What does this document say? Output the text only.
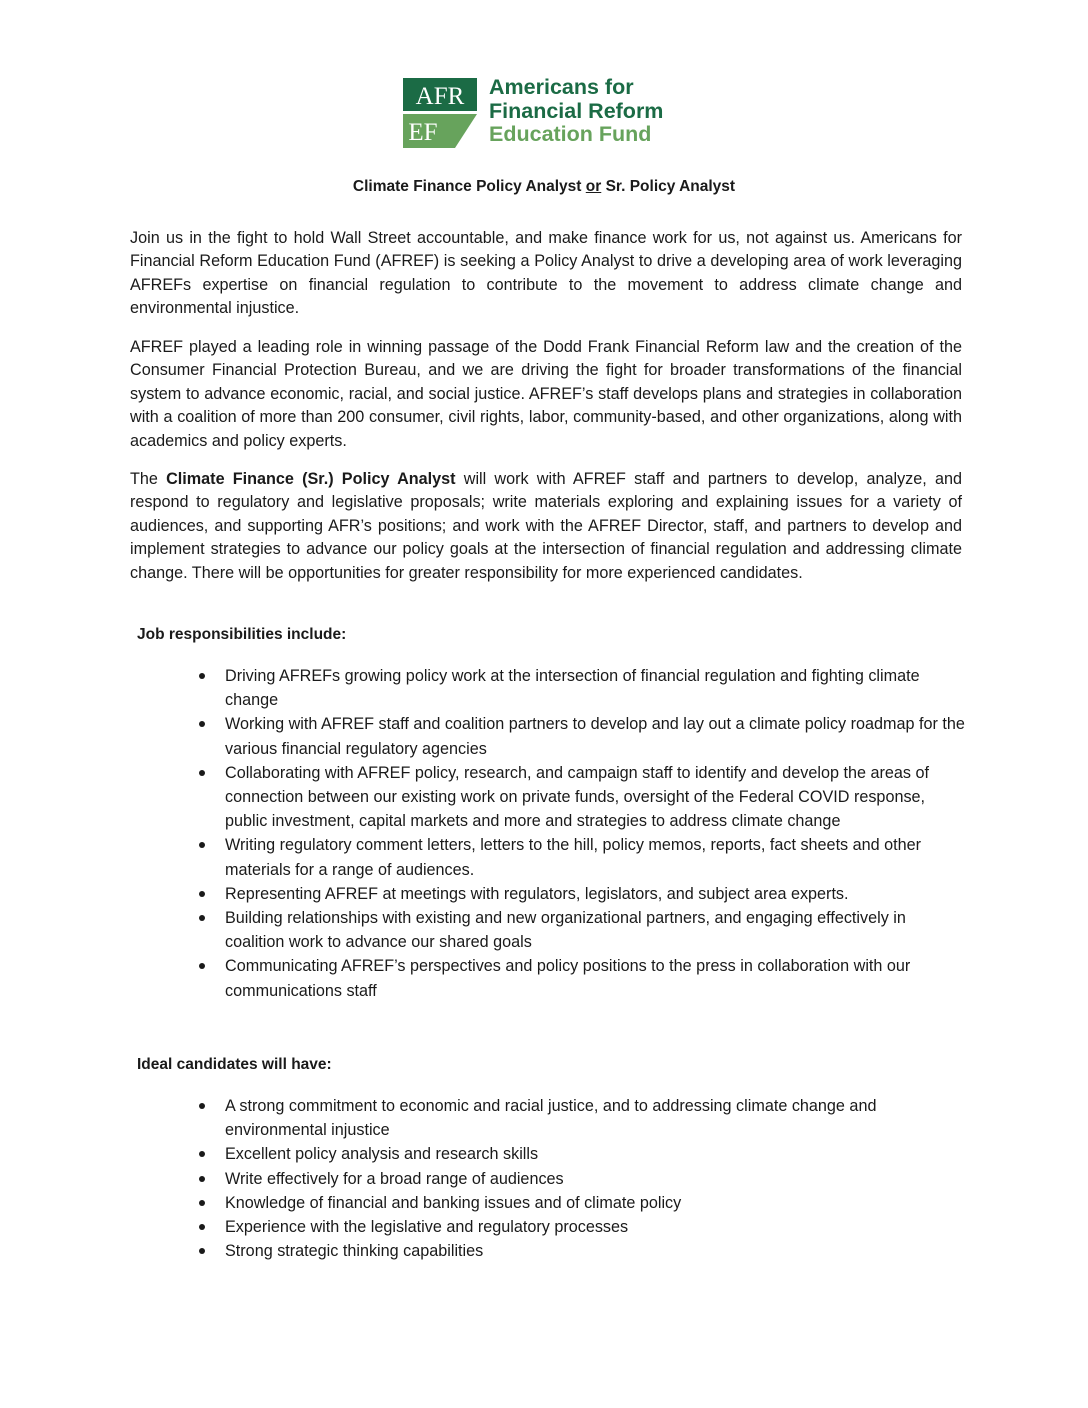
AFR
EF
Americans for
Financial Reform
Education Fund
Climate Finance Policy Analyst or Sr. Policy Analyst

Join us in the fight to hold Wall Street accountable, and make finance work for us, not against us. Americans for Financial Reform Education Fund (AFREF) is seeking a Policy Analyst to drive a developing area of work leveraging AFREFs expertise on financial regulation to contribute to the movement to address climate change and environmental injustice.

AFREF played a leading role in winning passage of the Dodd Frank Financial Reform law and the creation of the Consumer Financial Protection Bureau, and we are driving the fight for broader transformations of the financial system to advance economic, racial, and social justice. AFREF’s staff develops plans and strategies in collaboration with a coalition of more than 200 consumer, civil rights, labor, community-based, and other organizations, along with academics and policy experts.

The Climate Finance (Sr.) Policy Analyst will work with AFREF staff and partners to develop, analyze, and respond to regulatory and legislative proposals; write materials exploring and explaining issues for a variety of audiences, and supporting AFR’s positions; and work with the AFREF Director, staff, and partners to develop and implement strategies to advance our policy goals at the intersection of financial regulation and addressing climate change. There will be opportunities for greater responsibility for more experienced candidates.

Job responsibilities include:
Driving AFREFs growing policy work at the intersection of financial regulation and fighting climate change
Working with AFREF staff and coalition partners to develop and lay out a climate policy roadmap for the various financial regulatory agencies
Collaborating with AFREF policy, research, and campaign staff to identify and develop the areas of connection between our existing work on private funds, oversight of the Federal COVID response, public investment, capital markets and more and strategies to address climate change
Writing regulatory comment letters, letters to the hill, policy memos, reports, fact sheets and other materials for a range of audiences.
Representing AFREF at meetings with regulators, legislators, and subject area experts.
Building relationships with existing and new organizational partners, and engaging effectively in coalition work to advance our shared goals
Communicating AFREF’s perspectives and policy positions to the press in collaboration with our communications staff
Ideal candidates will have:
A strong commitment to economic and racial justice, and to addressing climate change and environmental injustice
Excellent policy analysis and research skills
Write effectively for a broad range of audiences
Knowledge of financial and banking issues and of climate policy
Experience with the legislative and regulatory processes
Strong strategic thinking capabilities
